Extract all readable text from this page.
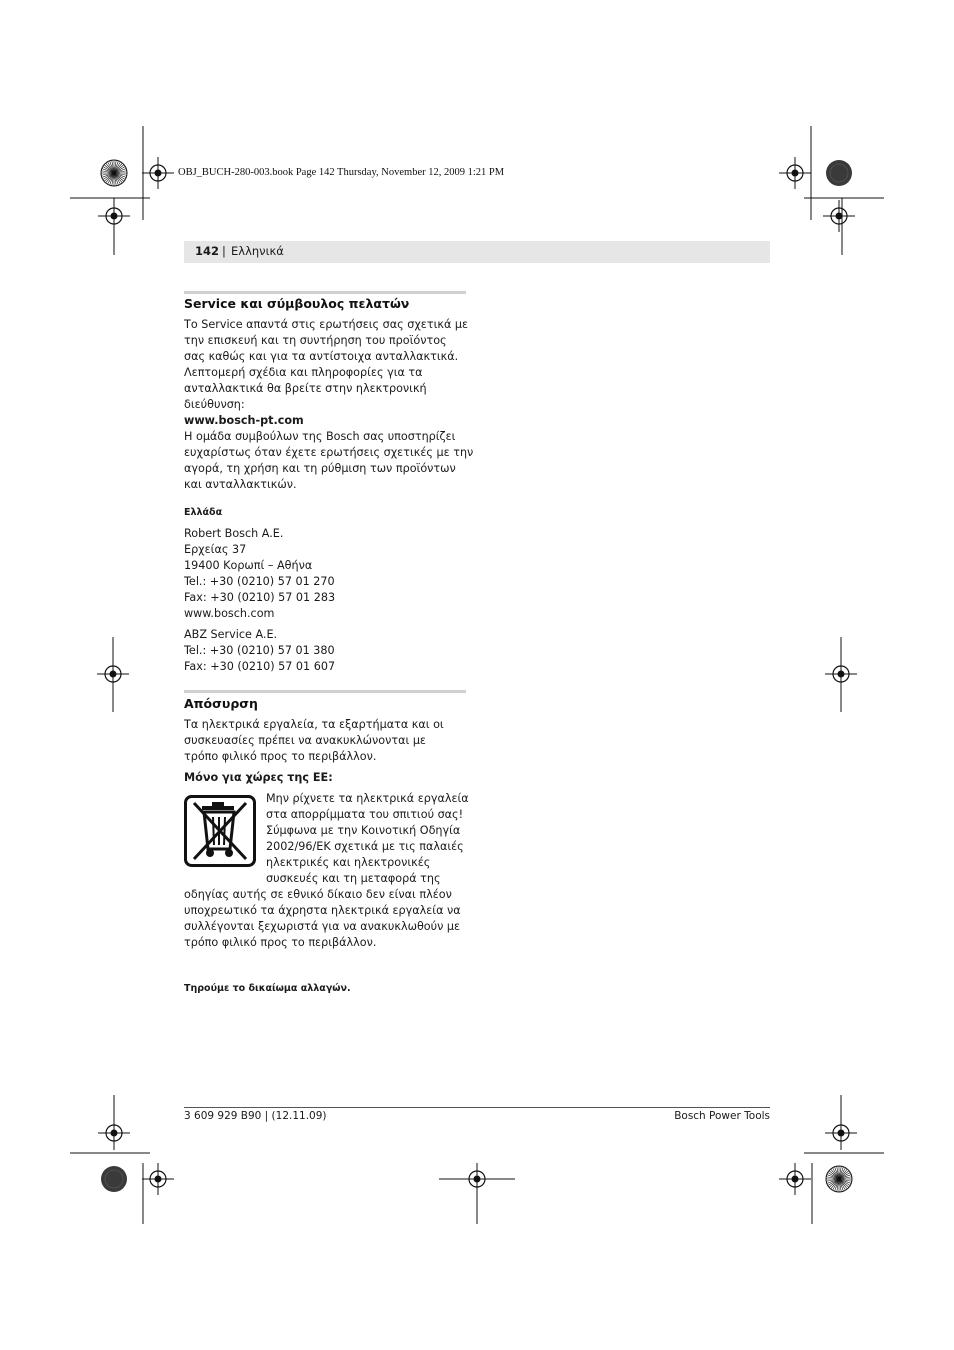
OBJ_BUCH-280-003.book Page 142 Thursday, November 12, 2009 1:21 PM
142 | Ελληνικά
Service και σύμβουλος πελατών
Το Service απαντά στις ερωτήσεις σας σχετικά με
την επισκευή και τη συντήρηση του προϊόντος
σας καθώς και για τα αντίστοιχα ανταλλακτικά.
Λεπτομερή σχέδια και πληροφορίες για τα
ανταλλακτικά θα βρείτε στην ηλεκτρονική
διεύθυνση:
www.bosch-pt.com
Η ομάδα συμβούλων της Bosch σας υποστηρίζει
ευχαρίστως όταν έχετε ερωτήσεις σχετικές με την
αγορά, τη χρήση και τη ρύθμιση των προϊόντων
και ανταλλακτικών.
Ελλάδα
Robert Bosch A.E.
Ερχείας 37
19400 Κορωπί – Αθήνα
Tel.: +30 (0210) 57 01 270
Fax: +30 (0210) 57 01 283
www.bosch.com
ABZ Service A.E.
Tel.: +30 (0210) 57 01 380
Fax: +30 (0210) 57 01 607
Απόσυρση
Τα ηλεκτρικά εργαλεία, τα εξαρτήματα και οι
συσκευασίες πρέπει να ανακυκλώνονται με
τρόπο φιλικό προς το περιβάλλον.
Μόνο για χώρες της ΕΕ:
Μην ρίχνετε τα ηλεκτρικά εργαλεία
στα απορρίμματα του σπιτιού σας!
Σύμφωνα με την Κοινοτική Οδηγία
2002/96/ΕΚ σχετικά με τις παλαιές
ηλεκτρικές και ηλεκτρονικές
συσκευές και τη μεταφορά της
οδηγίας αυτής σε εθνικό δίκαιο δεν είναι πλέον
υποχρεωτικό τα άχρηστα ηλεκτρικά εργαλεία να
συλλέγονται ξεχωριστά για να ανακυκλωθούν με
τρόπο φιλικό προς το περιβάλλον.
Τηρούμε το δικαίωμα αλλαγών.
3 609 929 B90 | (12.11.09)	Bosch Power Tools
